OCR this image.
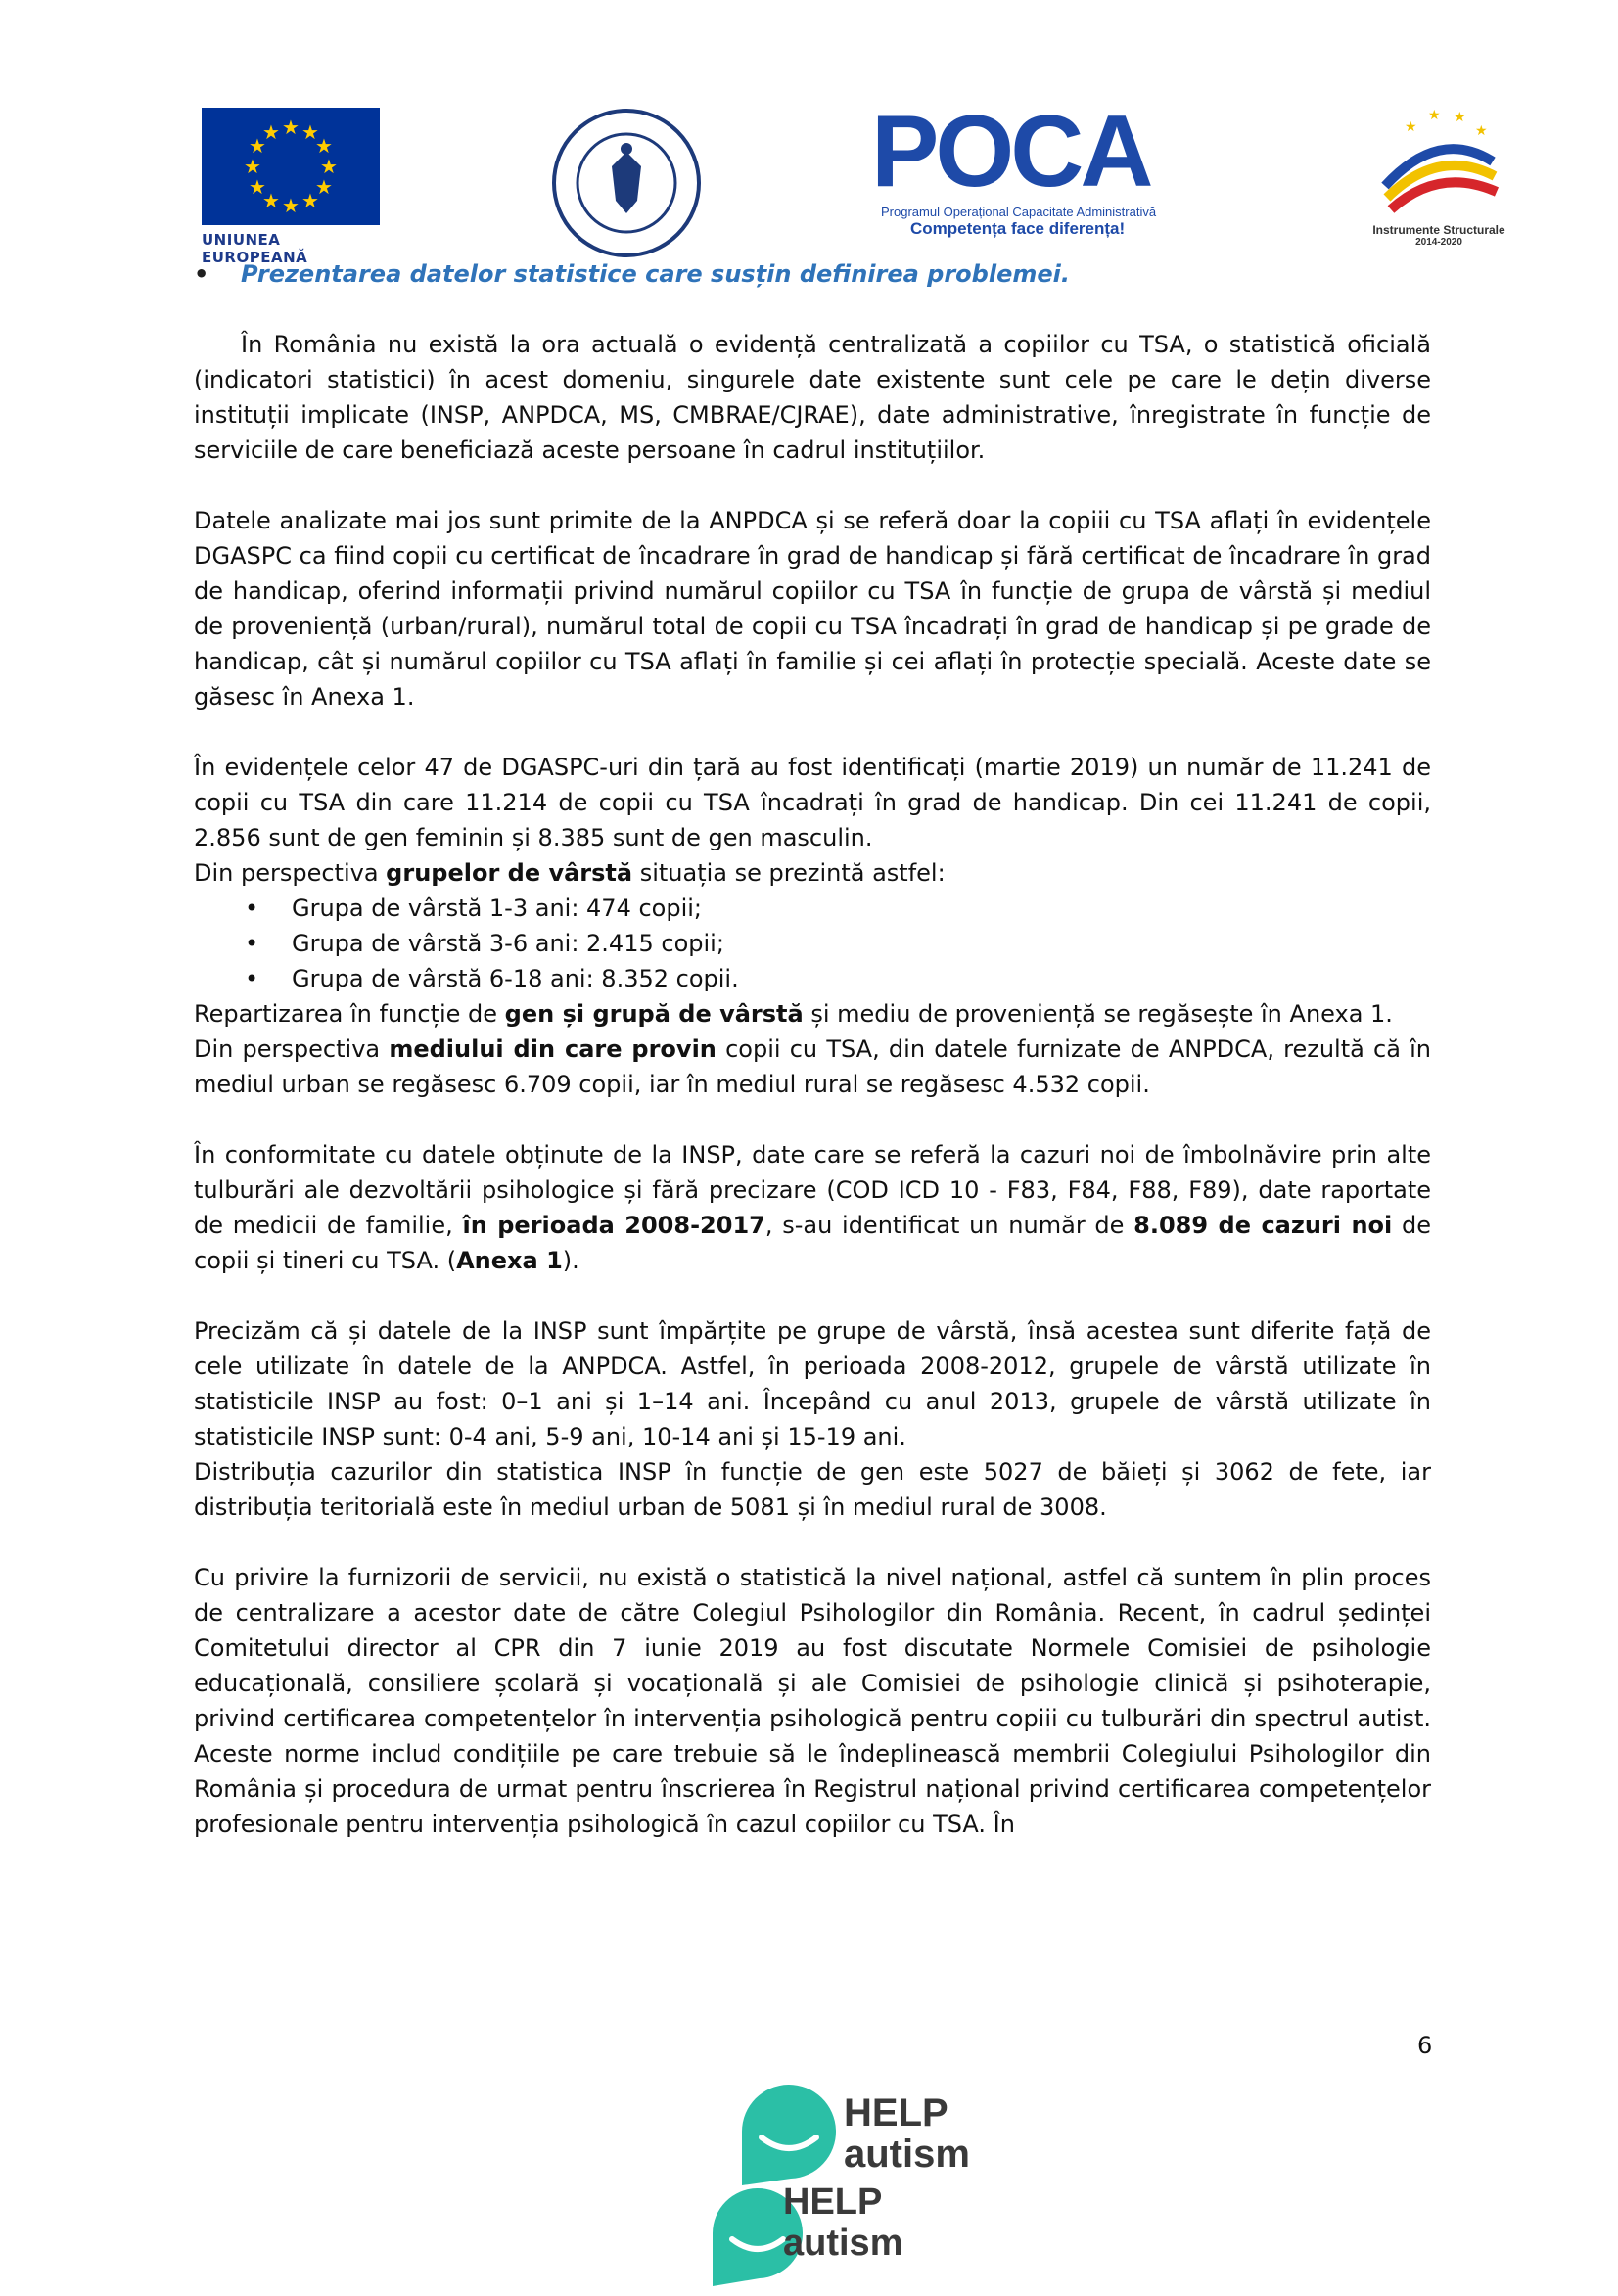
★ ★
★
★
★
★
★
★
★
★
★
★
UNIUNEA EUROPEANĂ
POCA
Programul Operațional Capacitate Administrativă
Competența face diferența!
★
★ ★
★
Instrumente Structurale
2014-2020

• Prezentarea datelor statistice care susțin definirea problemei.

În România nu există la ora actuală o evidență centralizată a copiilor cu TSA, o statistică oficială (indicatori statistici) în acest domeniu, singurele date existente sunt cele pe care le dețin diverse instituții implicate (INSP, ANPDCA, MS, CMBRAE/CJRAE), date administrative, înregistrate în funcție de serviciile de care beneficiază aceste persoane în cadrul instituțiilor.

Datele analizate mai jos sunt primite de la ANPDCA și se referă doar la copiii cu TSA aflați în evidențele DGASPC ca fiind copii cu certificat de încadrare în grad de handicap și fără certificat de încadrare în grad de handicap, oferind informații privind numărul copiilor cu TSA în funcție de grupa de vârstă și mediul de proveniență (urban/rural), numărul total de copii cu TSA încadrați în grad de handicap și pe grade de handicap, cât și numărul copiilor cu TSA aflați în familie și cei aflați în protecție specială. Aceste date se găsesc în Anexa 1.

În evidențele celor 47 de DGASPC-uri din țară au fost identificați (martie 2019) un număr de 11.241 de copii cu TSA din care 11.214 de copii cu TSA încadrați în grad de handicap. Din cei 11.241 de copii, 2.856 sunt de gen feminin și 8.385 sunt de gen masculin.

Din perspectiva grupelor de vârstă situația se prezintă astfel:

• Grupa de vârstă 1-3 ani: 474 copii;
• Grupa de vârstă 3-6 ani: 2.415 copii;
• Grupa de vârstă 6-18 ani: 8.352 copii.

Repartizarea în funcție de gen și grupă de vârstă și mediu de proveniență se regăsește în Anexa 1.

Din perspectiva mediului din care provin copii cu TSA, din datele furnizate de ANPDCA, rezultă că în mediul urban se regăsesc 6.709 copii, iar în mediul rural se regăsesc 4.532 copii.

În conformitate cu datele obținute de la INSP, date care se referă la cazuri noi de îmbolnăvire prin alte tulburări ale dezvoltării psihologice și fără precizare (COD ICD 10 - F83, F84, F88, F89), date raportate de medicii de familie, în perioada 2008-2017, s-au identificat un număr de 8.089 de cazuri noi de copii și tineri cu TSA. (Anexa 1).

Precizăm că și datele de la INSP sunt împărțite pe grupe de vârstă, însă acestea sunt diferite față de cele utilizate în datele de la ANPDCA. Astfel, în perioada 2008-2012, grupele de vârstă utilizate în statisticile INSP au fost: 0–1 ani și 1–14 ani. Începând cu anul 2013, grupele de vârstă utilizate în statisticile INSP sunt: 0-4 ani, 5-9 ani, 10-14 ani și 15-19 ani.

Distribuția cazurilor din statistica INSP în funcție de gen este 5027 de băieți și 3062 de fete, iar distribuția teritorială este în mediul urban de 5081 și în mediul rural de 3008.

Cu privire la furnizorii de servicii, nu există o statistică la nivel național, astfel că suntem în plin proces de centralizare a acestor date de către Colegiul Psihologilor din România. Recent, în cadrul ședinței Comitetului director al CPR din 7 iunie 2019 au fost discutate Normele Comisiei de psihologie educațională, consiliere școlară și vocațională și ale Comisiei de psihologie clinică și psihoterapie, privind certificarea competențelor în intervenția psihologică pentru copiii cu tulburări din spectrul autist. Aceste norme includ condițiile pe care trebuie să le îndeplinească membrii Colegiului Psihologilor din România și procedura de urmat pentru înscrierea în Registrul național privind certificarea competențelor profesionale pentru intervenția psihologică în cazul copiilor cu TSA. În

6
HELP
autism
HELP
autism
